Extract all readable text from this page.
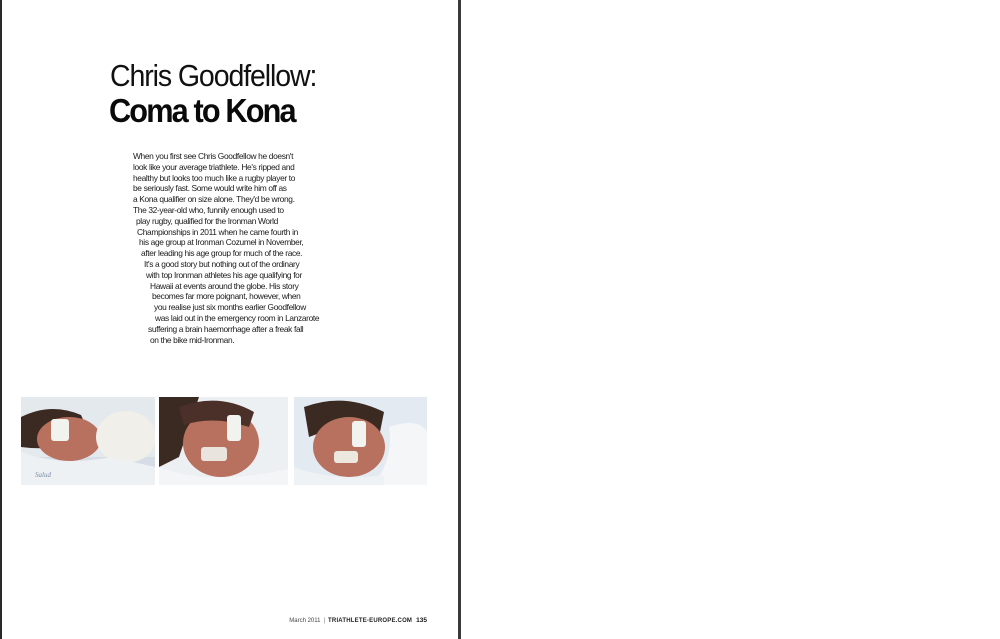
Chris Goodfellow:
Coma to Kona
When you first see Chris Goodfellow he doesn't
look like your average triathlete. He's ripped and
healthy but looks too much like a rugby player to
be seriously fast. Some would write him off as
a Kona qualifier on size alone. They'd be wrong.
The 32-year-old who, funnily enough used to
play rugby, qualified for the Ironman World
Championships in 2011 when he came fourth in
his age group at Ironman Cozumel in November,
after leading his age group for much of the race.
It's a good story but nothing out of the ordinary
with top Ironman athletes his age qualifying for
Hawaii at events around the globe. His story
becomes far more poignant, however, when
you realise just six months earlier Goodfellow
was laid out in the emergency room in Lanzarote
suffering a brain haemorrhage after a freak fall
on the bike mid-Ironman.
Salud
March 2011 | TRIATHLETE-EUROPE.COM 135
